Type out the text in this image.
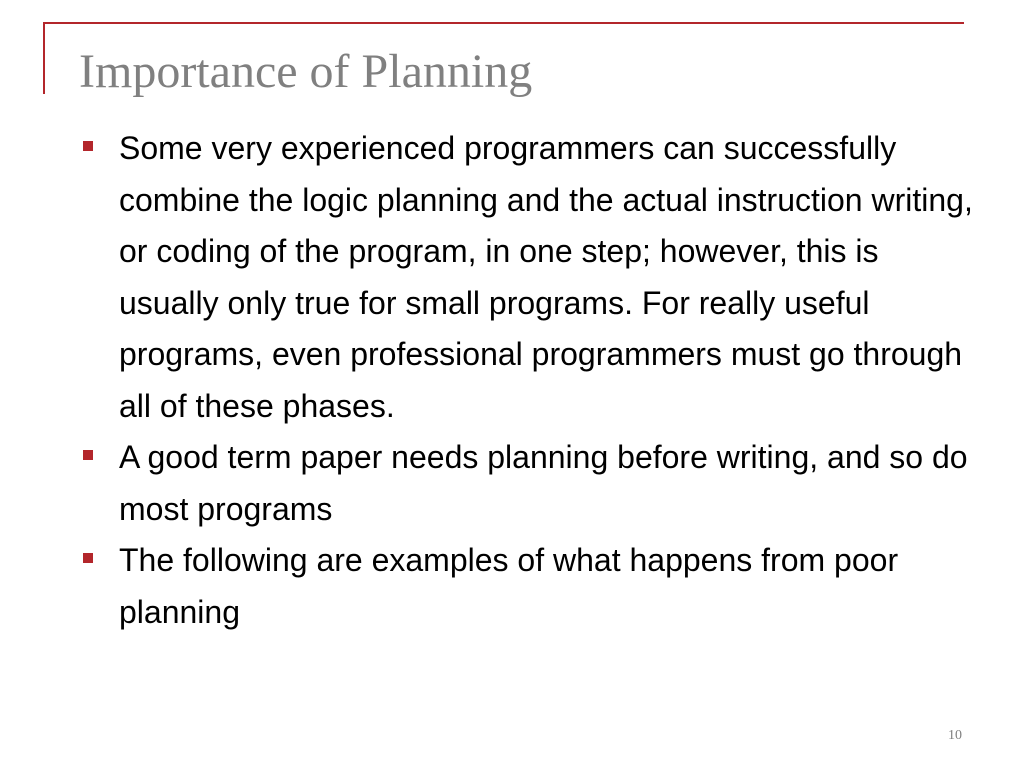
Importance of Planning
Some very experienced programmers can successfully combine the logic planning and the actual instruction writing, or coding of the program, in one step; however, this is usually only true for small programs. For really useful programs, even professional programmers must go through all of these phases.
A good term paper needs planning before writing, and so do most programs
The following are examples of what happens from poor planning
10
